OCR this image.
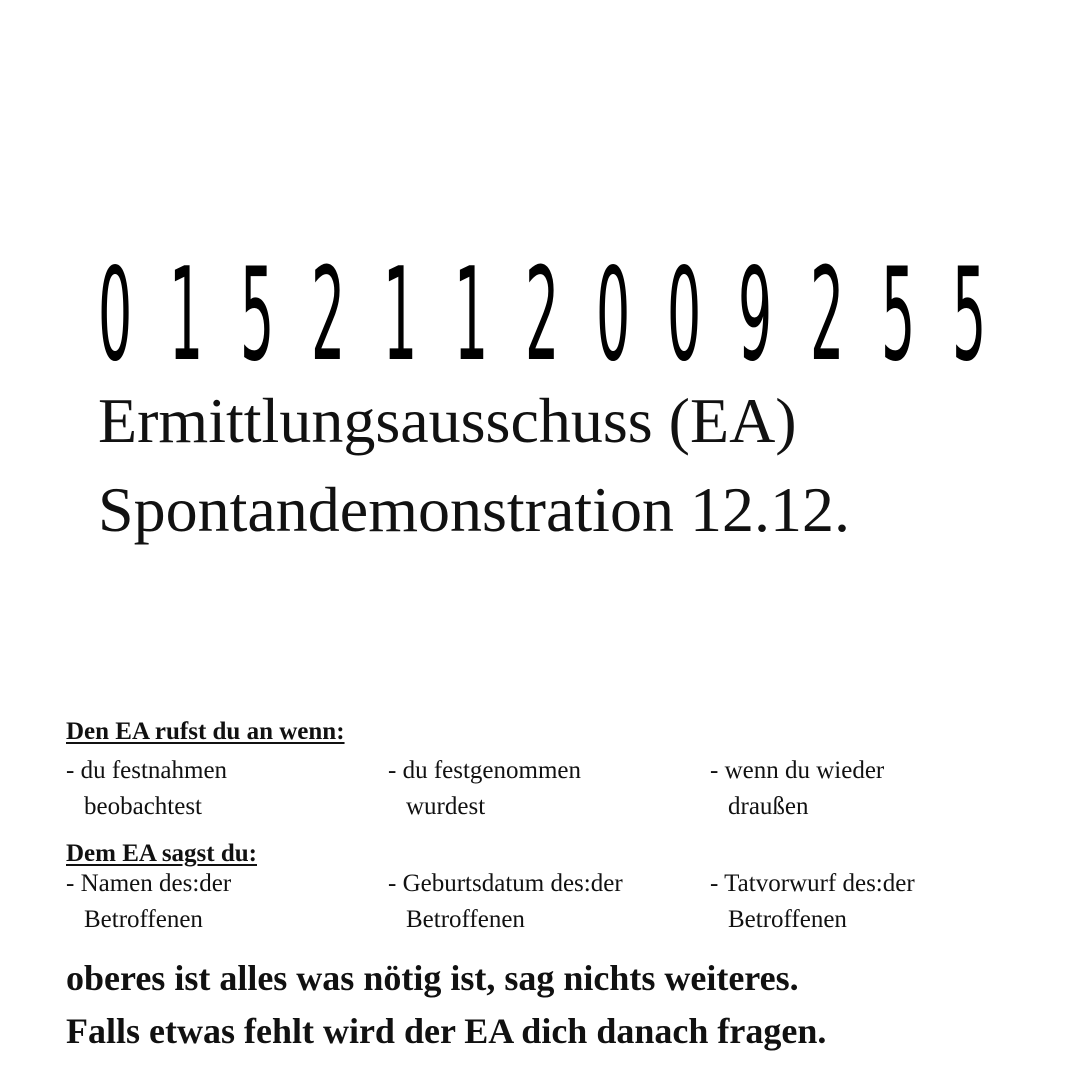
0 1 5 2 1 1 2 0 0 9 2 5 5
Ermittlungsausschuss (EA)
Spontandemonstration 12.12.
Den EA rufst du an wenn:
- du festnahmen
beobachtest
- du festgenommen
wurdest
- wenn du wieder
draußen
Dem EA sagst du:
- Namen des:der
Betroffenen
- Geburtsdatum des:der
Betroffenen
- Tatvorwurf des:der
Betroffenen
oberes ist alles was nötig ist, sag nichts weiteres.
Falls etwas fehlt wird der EA dich danach fragen.
